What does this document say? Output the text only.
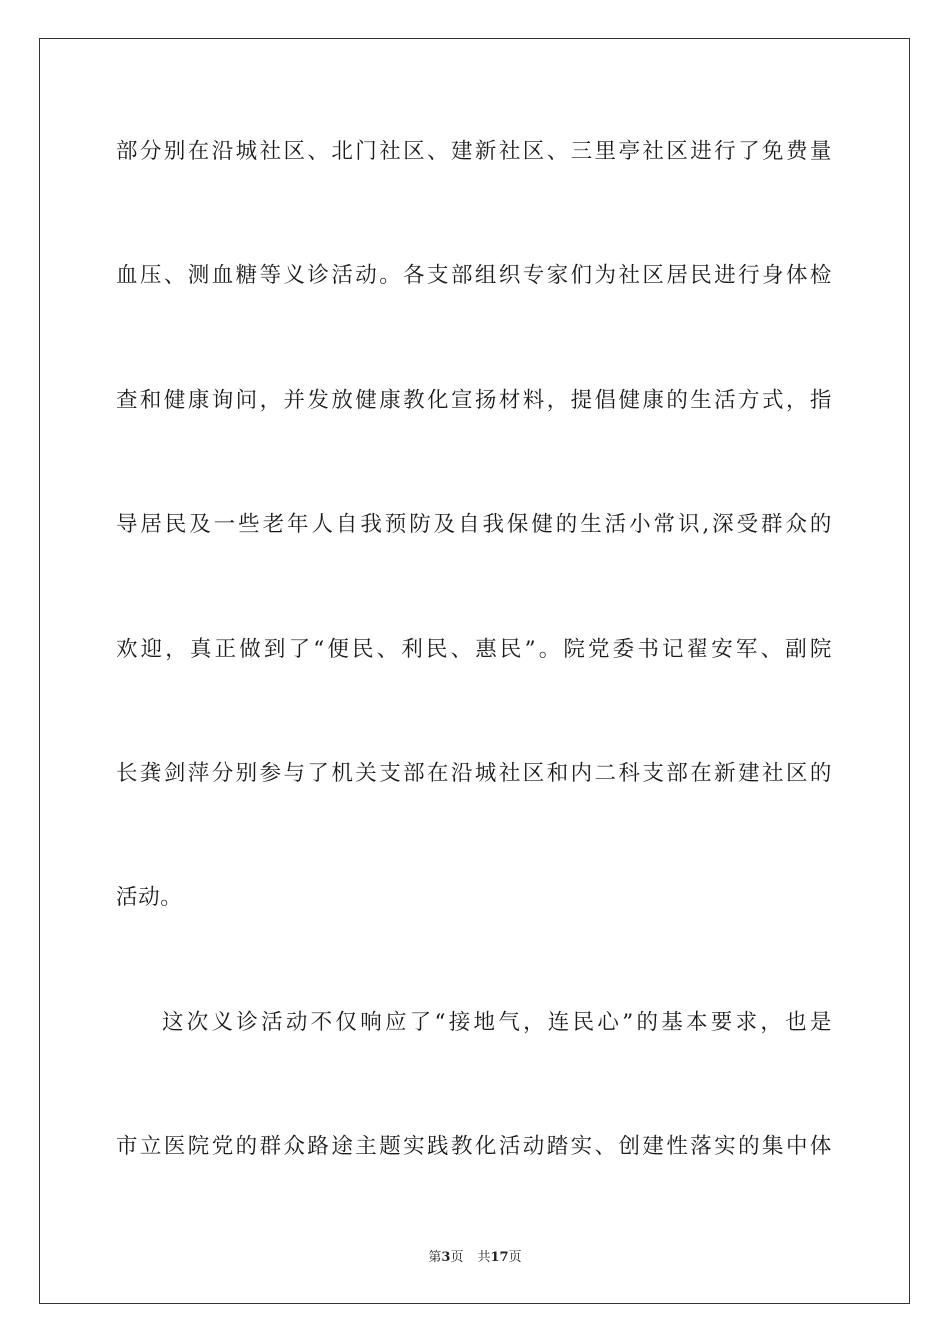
部分别在沿城社区、北门社区、建新社区、三里亭社区进行了免费量
血压、测血糖等义诊活动。各支部组织专家们为社区居民进行身体检
查和健康询问，并发放健康教化宣扬材料，提倡健康的生活方式，指
导居民及一些老年人自我预防及自我保健的生活小常识,深受群众的
欢迎，真正做到了“便民、利民、惠民”。院党委书记翟安军、副院
长龚剑萍分别参与了机关支部在沿城社区和内二科支部在新建社区的
活动。
这次义诊活动不仅响应了“接地气，连民心”的基本要求，也是
市立医院党的群众路途主题实践教化活动踏实、创建性落实的集中体
第3页 共17页
